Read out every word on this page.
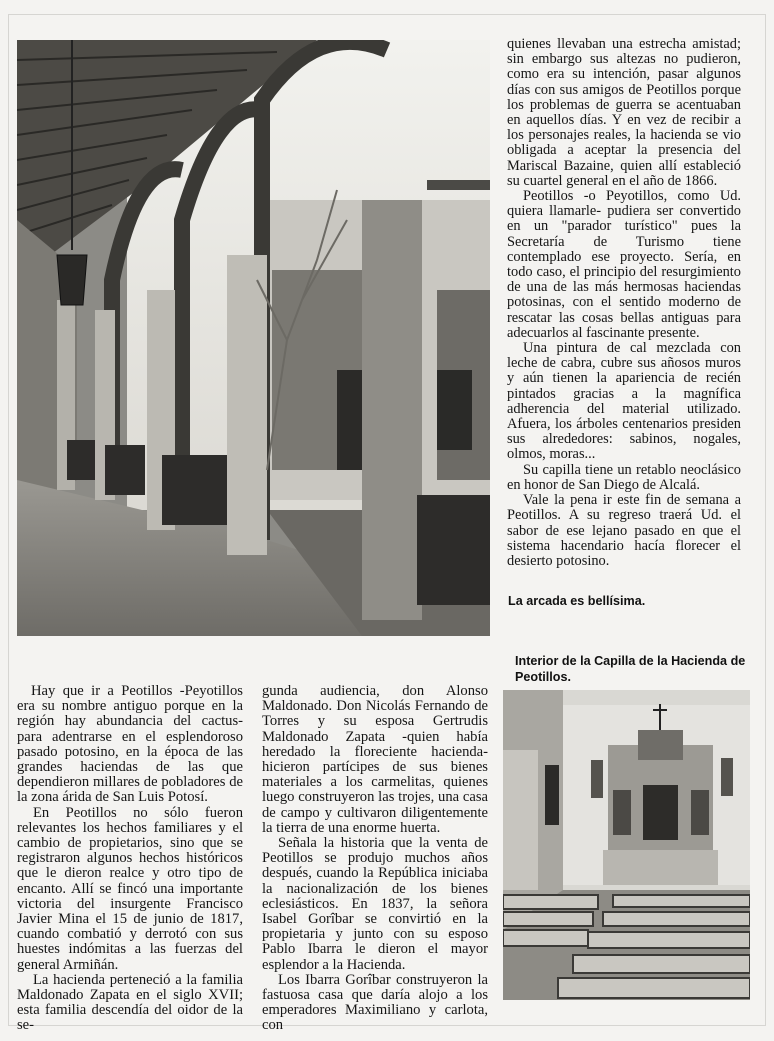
quienes llevaban una estrecha amistad; sin embargo sus altezas no pudieron, como era su intención, pasar algunos días con sus amigos de Peotillos porque los problemas de guerra se acentuaban en aquellos días. Y en vez de recibir a los personajes reales, la hacienda se vio obligada a aceptar la presencia del Mariscal Bazaine, quien allí estableció su cuartel general en el año de 1866.

Peotillos -o Peyotillos, como Ud. quiera llamarle- pudiera ser convertido en un "parador turístico" pues la Secretaría de Turismo tiene contemplado ese proyecto. Sería, en todo caso, el principio del resurgimiento de una de las más hermosas haciendas potosinas, con el sentido moderno de rescatar las cosas bellas antiguas para adecuarlos al fascinante presente.

Una pintura de cal mezclada con leche de cabra, cubre sus añosos muros y aún tienen la apariencia de recién pintados gracias a la magnífica adherencia del material utilizado. Afuera, los árboles centenarios presiden sus alrededores: sabinos, nogales, olmos, moras...

Su capilla tiene un retablo neoclásico en honor de San Diego de Alcalá.

Vale la pena ir este fin de semana a Peotillos. A su regreso traerá Ud. el sabor de ese lejano pasado en que el sistema hacendario hacía florecer el desierto potosino.

La arcada es bellísima.
Interior de la Capilla de la Hacienda de Peotillos.

Hay que ir a Peotillos -Peyotillos era su nombre antiguo porque en la región hay abundancia del cactus- para adentrarse en el esplendoroso pasado potosino, en la época de las grandes haciendas de las que dependieron millares de pobladores de la zona árida de San Luis Potosí.

En Peotillos no sólo fueron relevantes los hechos familiares y el cambio de propietarios, sino que se registraron algunos hechos históricos que le dieron realce y otro tipo de encanto. Allí se fincó una importante victoria del insurgente Francisco Javier Mina el 15 de junio de 1817, cuando combatió y derrotó con sus huestes indómitas a las fuerzas del general Armiñán.

La hacienda perteneció a la familia Maldonado Zapata en el siglo XVII; esta familia descendía del oidor de la se-

gunda audiencia, don Alonso Maldonado. Don Nicolás Fernando de Torres y su esposa Gertrudis Maldonado Zapata -quien había heredado la floreciente hacienda- hicieron partícipes de sus bienes materiales a los carmelitas, quienes luego construyeron las trojes, una casa de campo y cultivaron diligentemente la tierra de una enorme huerta.

Señala la historia que la venta de Peotillos se produjo muchos años después, cuando la República iniciaba la nacionalización de los bienes eclesiásticos. En 1837, la señora Isabel Gorîbar se convirtió en la propietaria y junto con su esposo Pablo Ibarra le dieron el mayor esplendor a la Hacienda.

Los Ibarra Gorîbar construyeron la fastuosa casa que daría alojo a los emperadores Maximiliano y carlota, con
